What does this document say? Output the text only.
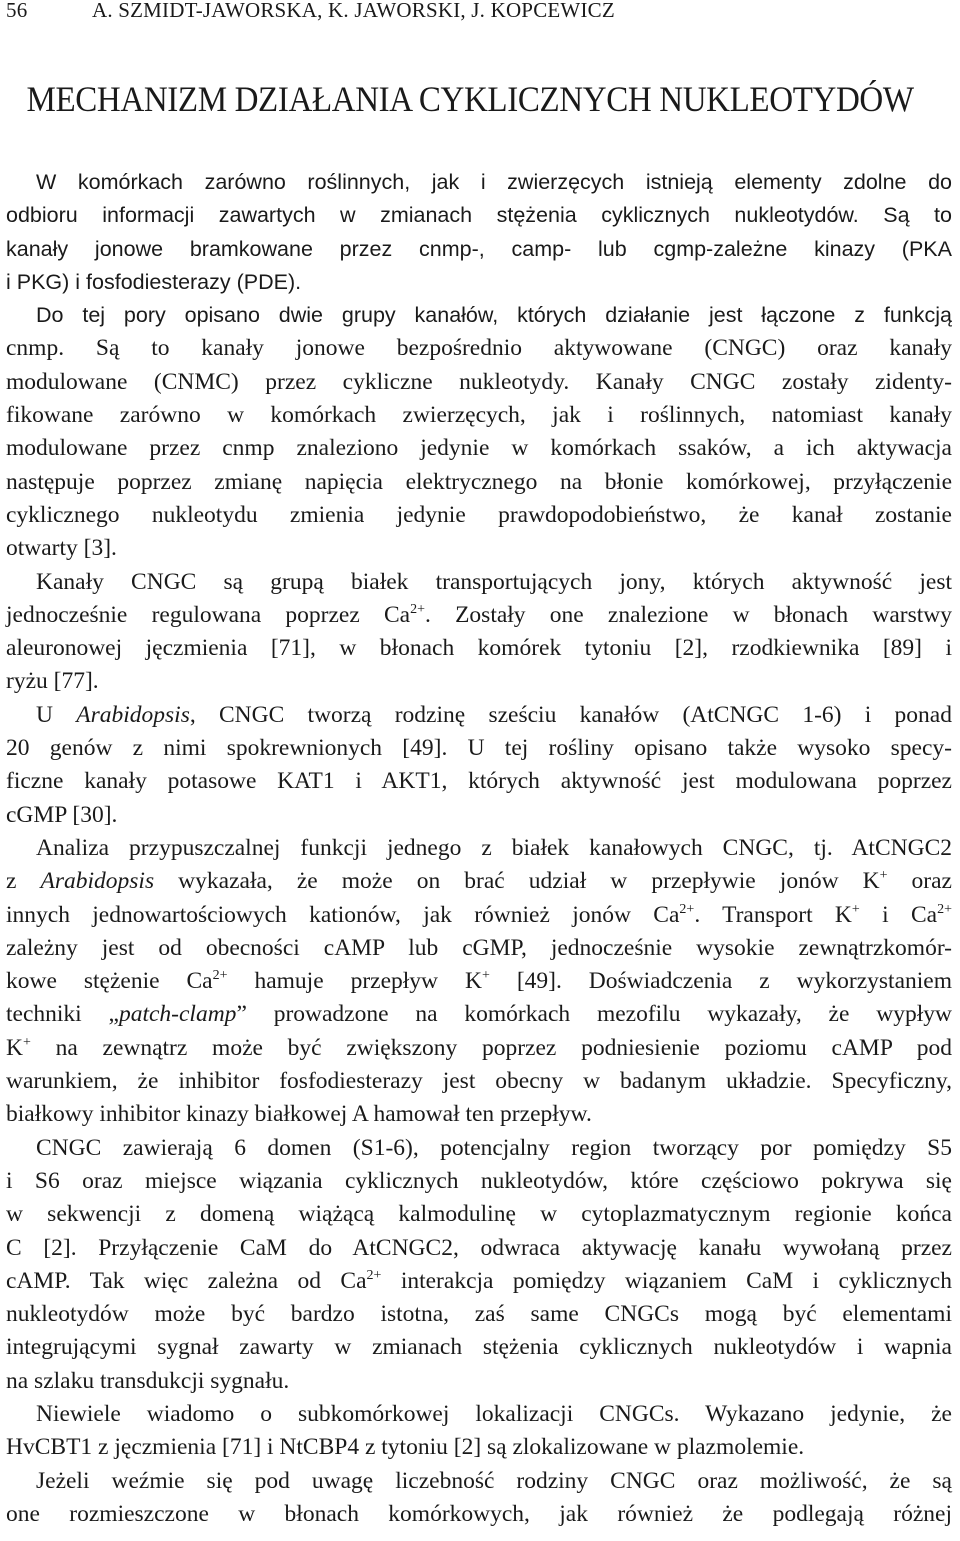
56	A. SZMIDT-JAWORSKA, K. JAWORSKI, J. KOPCEWICZ
MECHANIZM DZIAŁANIA CYKLICZNYCH NUKLEOTYDÓW
W komórkach zarówno roślinnych, jak i zwierzęcych istnieją elementy zdolne do
odbioru informacji zawartych w zmianach stężenia cyklicznych nukleotydów. Są to
kanały jonowe bramkowane przez cnmp-, camp- lub cgmp-zależne kinazy (PKA
i PKG) i fosfodiesterazy (PDE).
Do tej pory opisano dwie grupy kanałów, których działanie jest łączone z funkcją
cnmp. Są to kanały jonowe bezpośrednio aktywowane (CNGC) oraz kanały
modulowane (CNMC) przez cykliczne nukleotydy. Kanały CNGC zostały zidenty-
fikowane zarówno w komórkach zwierzęcych, jak i roślinnych, natomiast kanały
modulowane przez cnmp znaleziono jedynie w komórkach ssaków, a ich aktywacja
następuje poprzez zmianę napięcia elektrycznego na błonie komórkowej, przyłączenie
cyklicznego nukleotydu zmienia jedynie prawdopodobieństwo, że kanał zostanie
otwarty [3].
Kanały CNGC są grupą białek transportujących jony, których aktywność jest
jednocześnie regulowana poprzez $Ca^{2+}$. Zostały one znalezione w błonach warstwy
aleuronowej jęczmienia [71], w błonach komórek tytoniu [2], rzodkiewnika [89] i
ryżu [77].
U Arabidopsis, CNGC tworzą rodzinę sześciu kanałów (AtCNGC 1-6) i ponad
20 genów z nimi spokrewnionych [49]. U tej rośliny opisano także wysoko specy-
ficzne kanały potasowe KAT1 i AKT1, których aktywność jest modulowana poprzez
cGMP [30].
Analiza przypuszczalnej funkcji jednego z białek kanałowych CNGC, tj. AtCNGC2
z Arabidopsis wykazała, że może on brać udział w przepływie jonów K+ oraz
innych jednowartościowych kationów, jak również jonów $Ca^{2+}$. Transport K+ i $Ca^{2+}$
zależny jest od obecności cAMP lub cGMP, jednocześnie wysokie zewnątrzkomór-
kowe stężenie $Ca^{2+}$ hamuje przepływ K+ [49]. Doświadczenia z wykorzystaniem
techniki „patch-clamp” prowadzone na komórkach mezofilu wykazały, że wypływ
K+ na zewnątrz może być zwiększony poprzez podniesienie poziomu cAMP pod
warunkiem, że inhibitor fosfodiesterazy jest obecny w badanym układzie. Specyficzny,
białkowy inhibitor kinazy białkowej A hamował ten przepływ.
CNGC zawierają 6 domen (S1-6), potencjalny region tworzący por pomiędzy S5
i S6 oraz miejsce wiązania cyklicznych nukleotydów, które częściowo pokrywa się
w sekwencji z domeną wiążącą kalmodulinę w cytoplazmatycznym regionie końca
C [2]. Przyłączenie CaM do AtCNGC2, odwraca aktywację kanału wywołaną przez
cAMP. Tak więc zależna od $Ca^{2+}$ interakcja pomiędzy wiązaniem CaM i cyklicznych
nukleotydów może być bardzo istotna, zaś same CNGCs mogą być elementami
integrującymi sygnał zawarty w zmianach stężenia cyklicznych nukleotydów i wapnia
na szlaku transdukcji sygnału.
Niewiele wiadomo o subkomórkowej lokalizacji CNGCs. Wykazano jedynie, że
HvCBT1 z jęczmienia [71] i NtCBP4 z tytoniu [2] są zlokalizowane w plazmolemie.
Jeżeli weźmie się pod uwagę liczebność rodziny CNGC oraz możliwość, że są
one rozmieszczone w błonach komórkowych, jak również że podlegają różnej
